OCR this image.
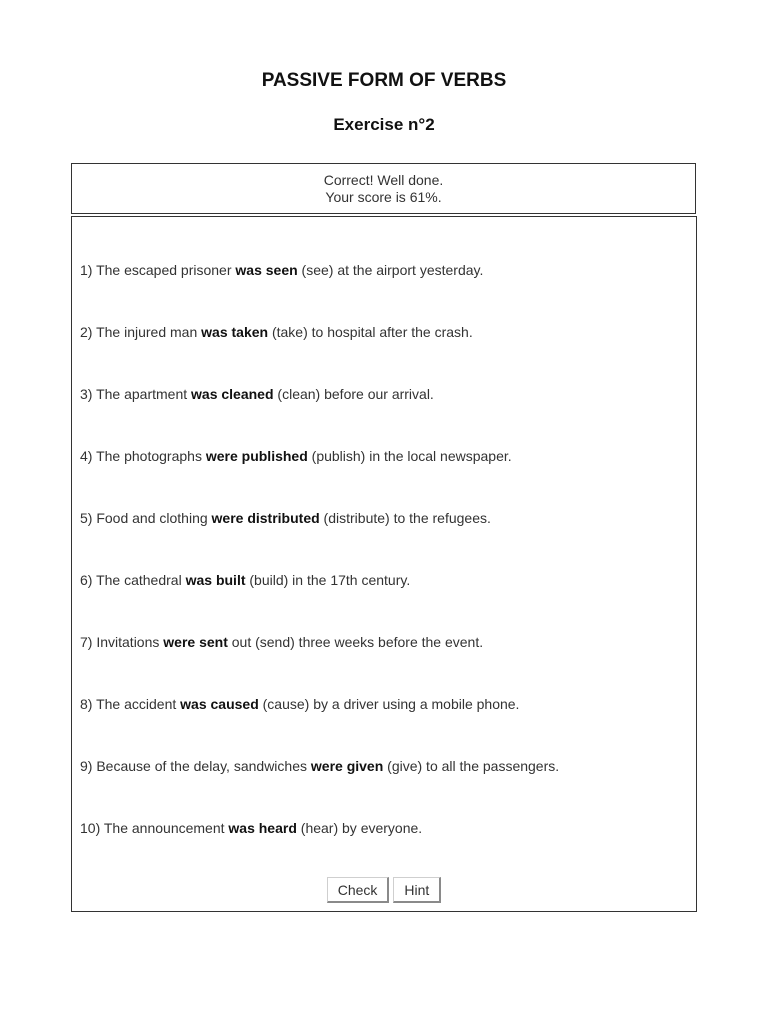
PASSIVE FORM OF VERBS
Exercise n°2
Correct! Well done.
Your score is 61%.
1) The escaped prisoner was seen (see) at the airport yesterday.
2) The injured man was taken (take) to hospital after the crash.
3) The apartment was cleaned (clean) before our arrival.
4) The photographs were published (publish) in the local newspaper.
5) Food and clothing were distributed (distribute) to the refugees.
6) The cathedral was built (build) in the 17th century.
7) Invitations were sent out (send) three weeks before the event.
8) The accident was caused (cause) by a driver using a mobile phone.
9) Because of the delay, sandwiches were given (give) to all the passengers.
10) The announcement was heard (hear) by everyone.
Check Hint
